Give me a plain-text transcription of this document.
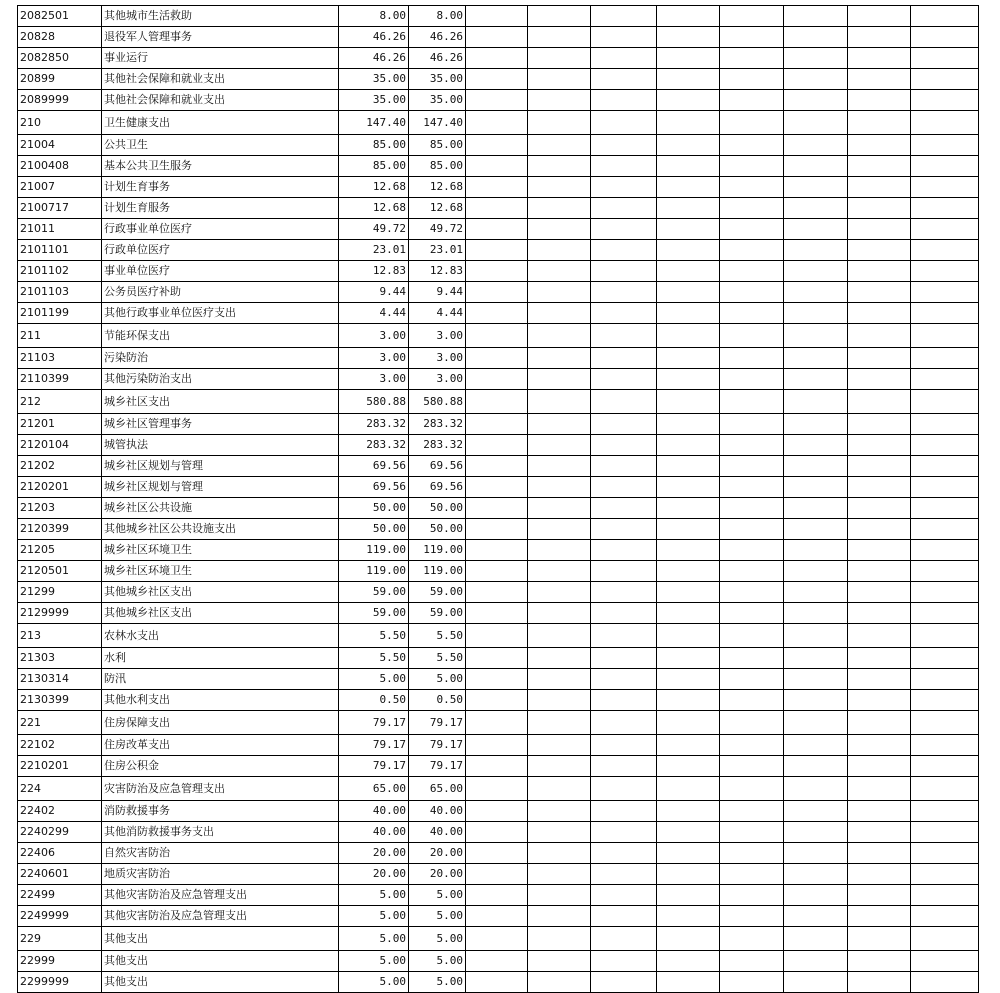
2082501	其他城市生活救助	8.00	8.00								
20828	退役军人管理事务	46.26	46.26								
2082850	事业运行	46.26	46.26								
20899	其他社会保障和就业支出	35.00	35.00								
2089999	其他社会保障和就业支出	35.00	35.00								
210	卫生健康支出	147.40	147.40								
21004	公共卫生	85.00	85.00								
2100408	基本公共卫生服务	85.00	85.00								
21007	计划生育事务	12.68	12.68								
2100717	计划生育服务	12.68	12.68								
21011	行政事业单位医疗	49.72	49.72								
2101101	行政单位医疗	23.01	23.01								
2101102	事业单位医疗	12.83	12.83								
2101103	公务员医疗补助	9.44	9.44								
2101199	其他行政事业单位医疗支出	4.44	4.44								
211	节能环保支出	3.00	3.00								
21103	污染防治	3.00	3.00								
2110399	其他污染防治支出	3.00	3.00								
212	城乡社区支出	580.88	580.88								
21201	城乡社区管理事务	283.32	283.32								
2120104	城管执法	283.32	283.32								
21202	城乡社区规划与管理	69.56	69.56								
2120201	城乡社区规划与管理	69.56	69.56								
21203	城乡社区公共设施	50.00	50.00								
2120399	其他城乡社区公共设施支出	50.00	50.00								
21205	城乡社区环境卫生	119.00	119.00								
2120501	城乡社区环境卫生	119.00	119.00								
21299	其他城乡社区支出	59.00	59.00								
2129999	其他城乡社区支出	59.00	59.00								
213	农林水支出	5.50	5.50								
21303	水利	5.50	5.50								
2130314	防汛	5.00	5.00								
2130399	其他水利支出	0.50	0.50								
221	住房保障支出	79.17	79.17								
22102	住房改革支出	79.17	79.17								
2210201	住房公积金	79.17	79.17								
224	灾害防治及应急管理支出	65.00	65.00								
22402	消防救援事务	40.00	40.00								
2240299	其他消防救援事务支出	40.00	40.00								
22406	自然灾害防治	20.00	20.00								
2240601	地质灾害防治	20.00	20.00								
22499	其他灾害防治及应急管理支出	5.00	5.00								
2249999	其他灾害防治及应急管理支出	5.00	5.00								
229	其他支出	5.00	5.00								
22999	其他支出	5.00	5.00								
2299999	其他支出	5.00	5.00								
